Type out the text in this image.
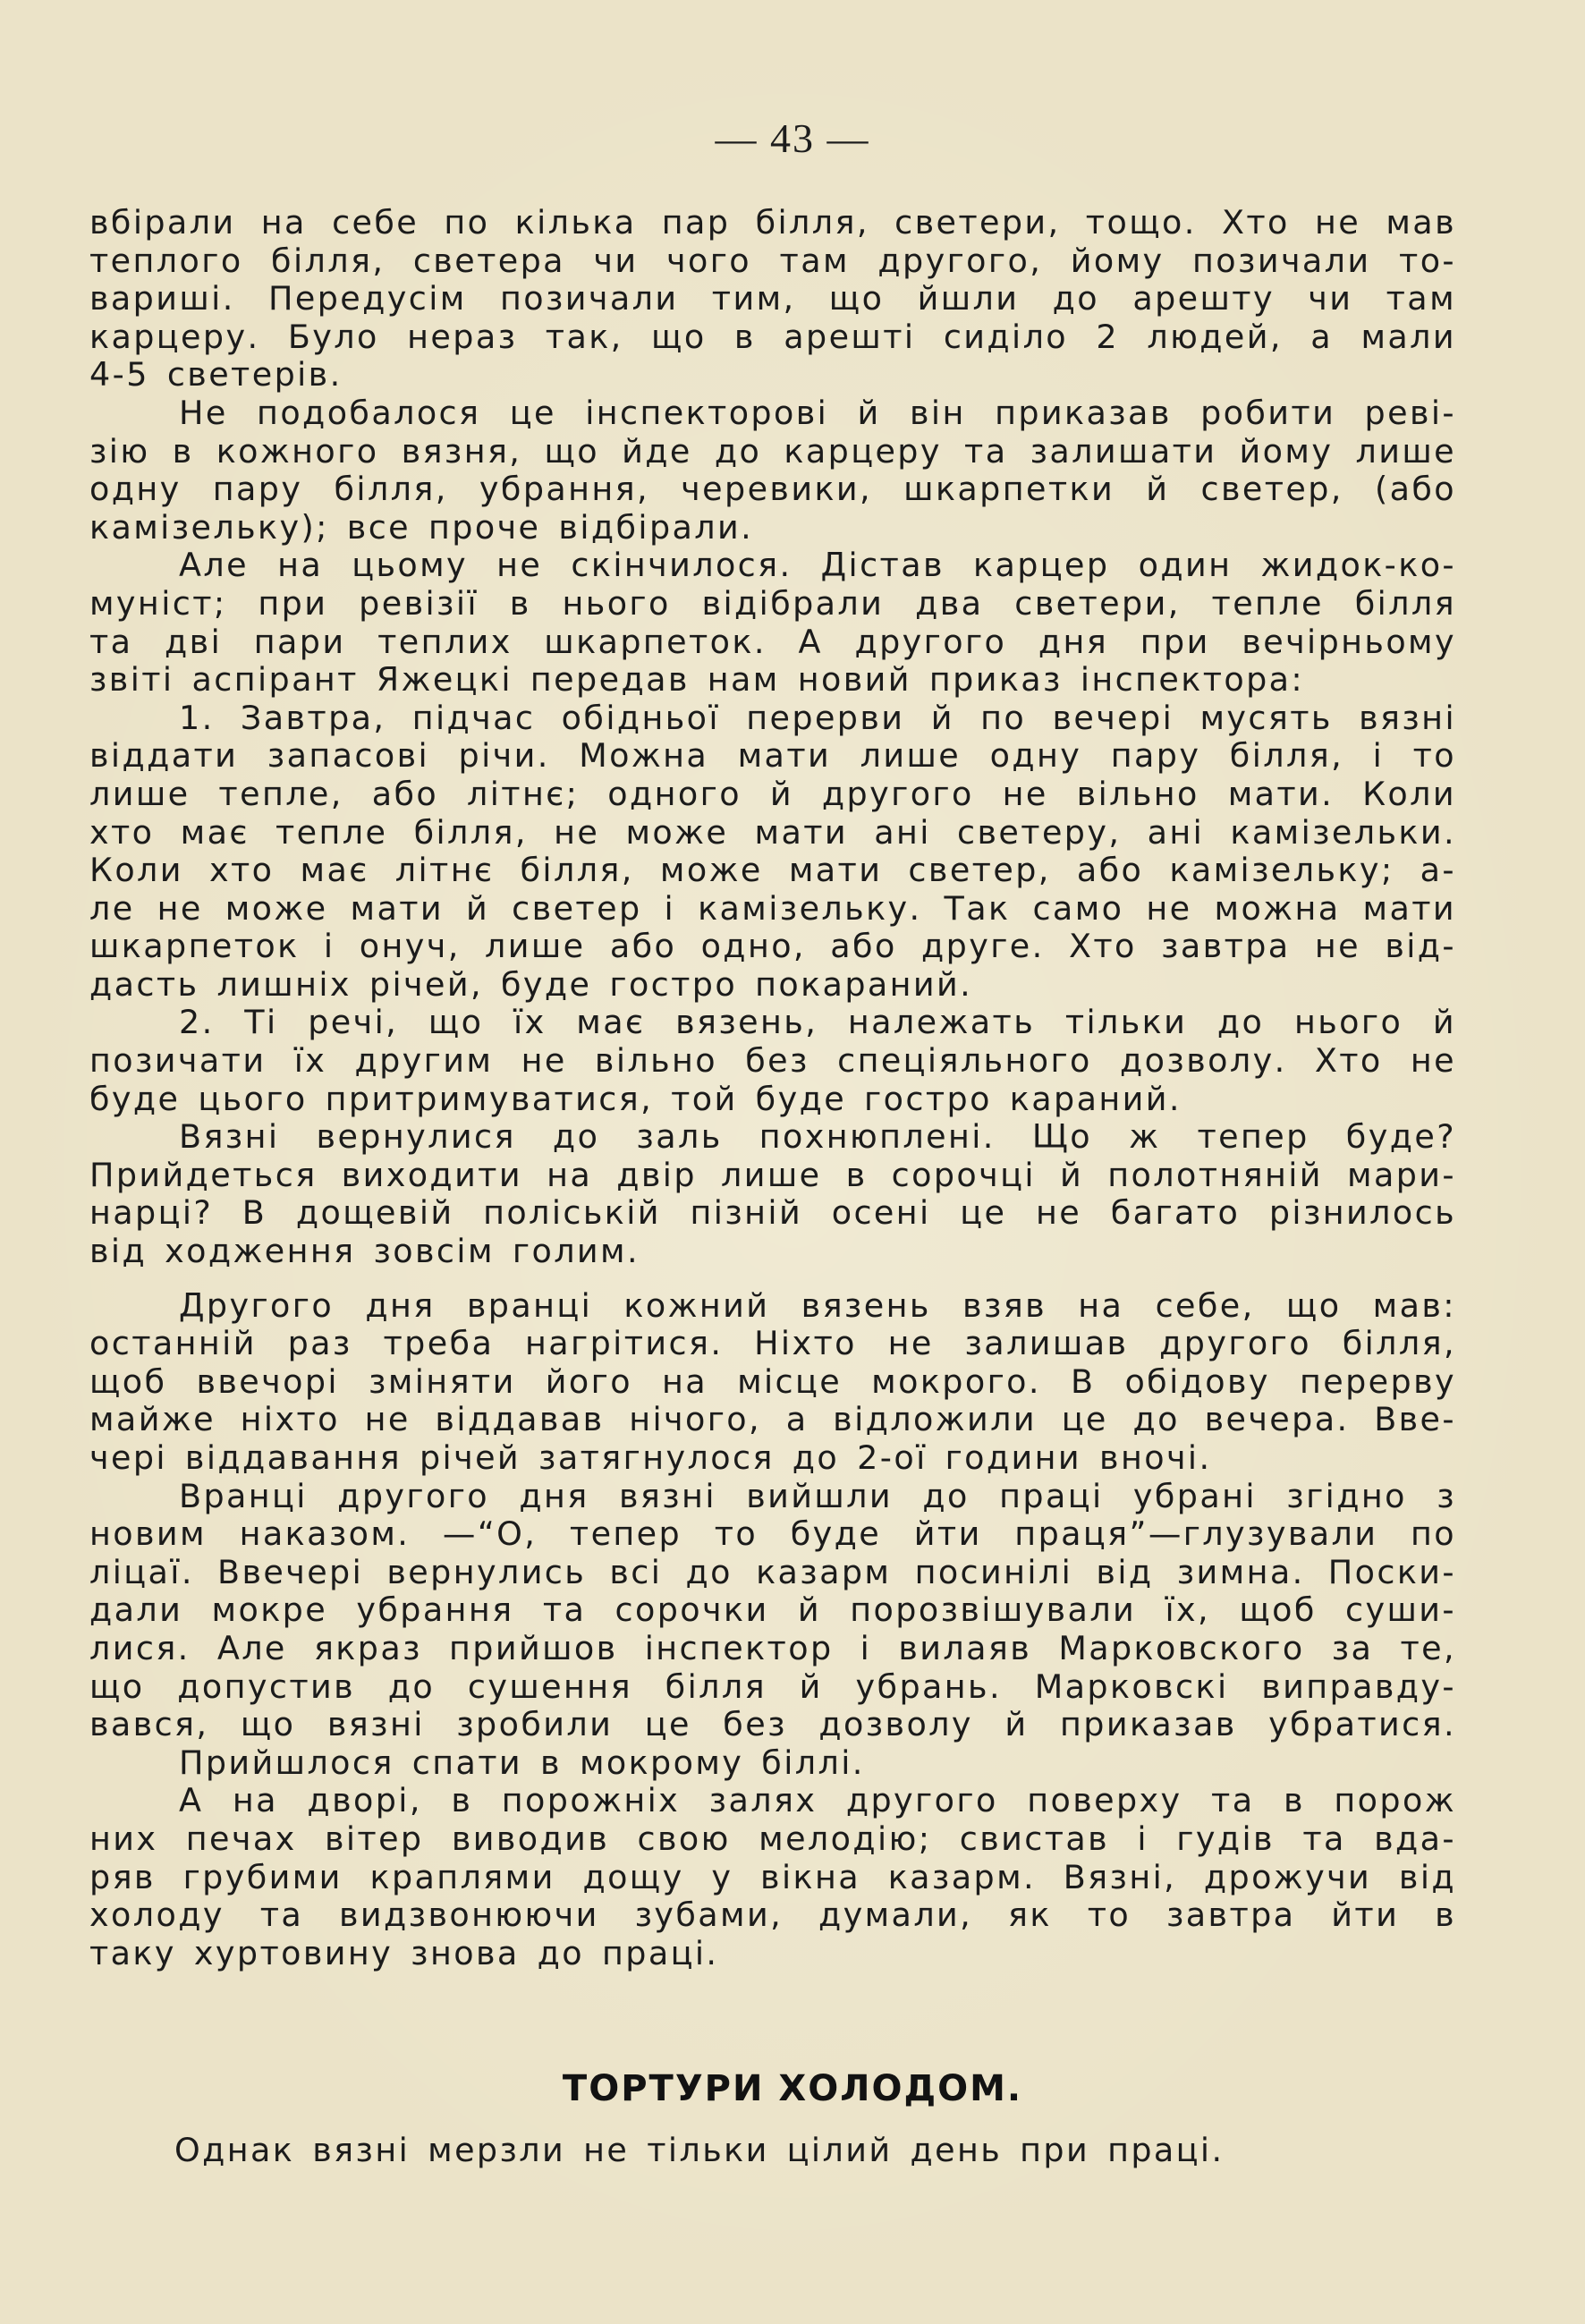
— 43 —
вбірали на себе по кілька пар білля, светери, тощо. Хто не мав
теплого білля, светера чи чого там другого, йому позичали то-
вариші. Передусім позичали тим, що йшли до арешту чи там
карцеру. Було нераз так, що в арешті сиділо 2 людей, а мали
4-5 светерів.
Не подобалося це інспекторові й він приказав робити реві-
зію в кожного вязня, що йде до карцеру та залишати йому лише
одну пару білля, убрання, черевики, шкарпетки й светер, (або
камізельку); все проче відбірали.
Але на цьому не скінчилося. Дістав карцер один жидок-ко-
муніст; при ревізії в нього відібрали два светери, тепле білля
та дві пари теплих шкарпеток. А другого дня при вечірньому
звіті аспірант Яжецкі передав нам новий приказ інспектора:
1. Завтра, підчас обідньої перерви й по вечері мусять вязні
віддати запасові річи. Можна мати лише одну пару білля, і то
лише тепле, або літнє; одного й другого не вільно мати. Коли
хто має тепле білля, не може мати ані светеру, ані камізельки.
Коли хто має літнє білля, може мати светер, або камізельку; а-
ле не може мати й светер і камізельку. Так само не можна мати
шкарпеток і онуч, лише або одно, або друге. Хто завтра не від-
дасть лишніх річей, буде гостро покараний.
2. Ті речі, що їх має вязень, належать тільки до нього й
позичати їх другим не вільно без спеціяльного дозволу. Хто не
буде цього притримуватися, той буде гостро караний.
Вязні вернулися до заль похнюплені. Що ж тепер буде?
Прийдеться виходити на двір лише в сорочці й полотняній мари-
нарці? В дощевій поліській пізній осені це не багато різнилось
від ходження зовсім голим.
Другого дня вранці кожний вязень взяв на себе, що мав:
останній раз треба нагрітися. Ніхто не залишав другого білля,
щоб ввечорі зміняти його на місце мокрого. В обідову перерву
майже ніхто не віддавав нічого, а відложили це до вечера. Вве-
чері віддавання річей затягнулося до 2-ої години вночі.
Вранці другого дня вязні вийшли до праці убрані згідно з
новим наказом. —“О, тепер то буде йти праця”—глузували по
ліцаї. Ввечері вернулись всі до казарм посинілі від зимна. Поски-
дали мокре убрання та сорочки й порозвішували їх, щоб суши-
лися. Але якраз прийшов інспектор і вилаяв Марковского за те,
що допустив до сушення білля й убрань. Марковскі виправду-
вався, що вязні зробили це без дозволу й приказав убратися.
Прийшлося спати в мокрому біллі.
А на дворі, в порожніх залях другого поверху та в порож
них печах вітер виводив свою мелодію; свистав і гудів та вда-
ряв грубими краплями дощу у вікна казарм. Вязні, дрожучи від
холоду та видзвонюючи зубами, думали, як то завтра йти в
таку хуртовину знова до праці.
ТОРТУРИ ХОЛОДОМ.
Однак вязні мерзли не тільки цілий день при праці.
